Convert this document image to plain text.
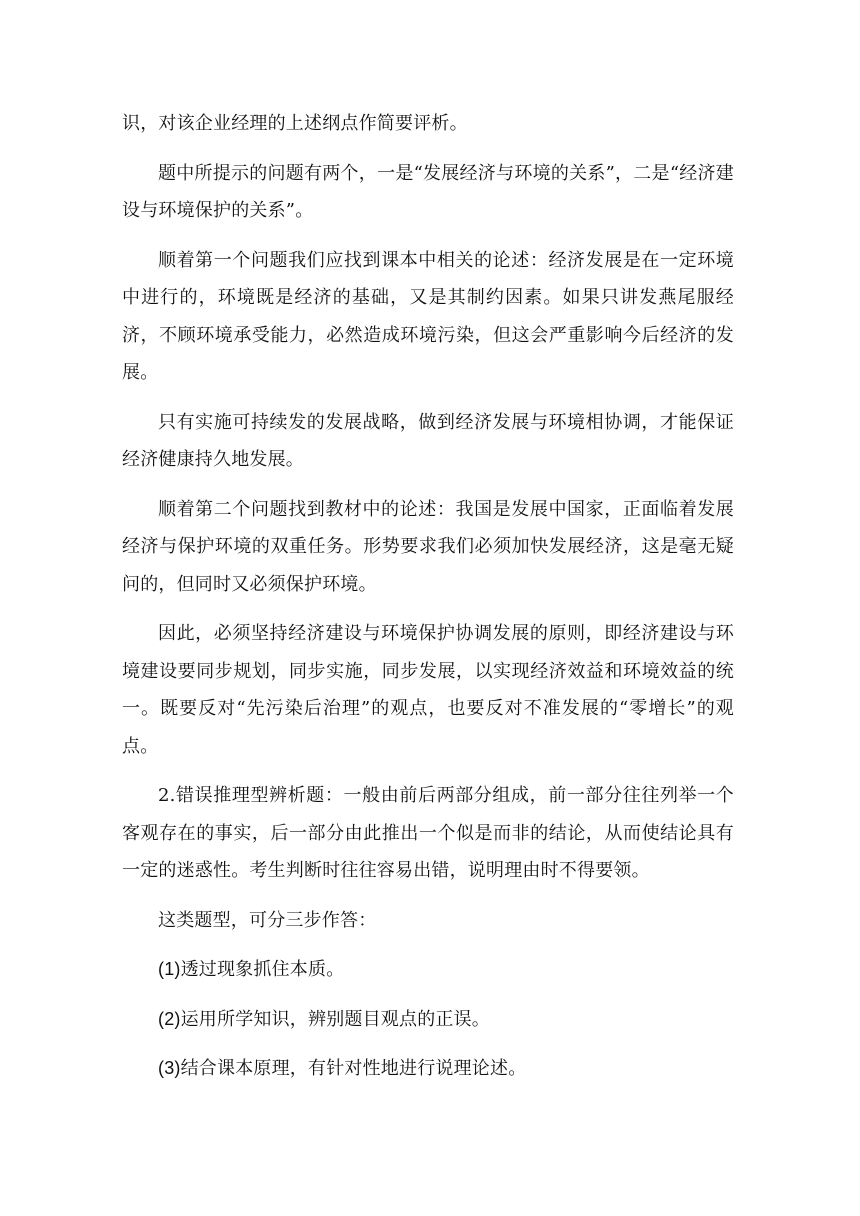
识，对该企业经理的上述纲点作简要评析。

题中所提示的问题有两个，一是“发展经济与环境的关系”，二是“经济建设与环境保护的关系”。

顺着第一个问题我们应找到课本中相关的论述：经济发展是在一定环境中进行的，环境既是经济的基础，又是其制约因素。如果只讲发燕尾服经济，不顾环境承受能力，必然造成环境污染，但这会严重影响今后经济的发展。

只有实施可持续发的发展战略，做到经济发展与环境相协调，才能保证经济健康持久地发展。

顺着第二个问题找到教材中的论述：我国是发展中国家，正面临着发展经济与保护环境的双重任务。形势要求我们必须加快发展经济，这是毫无疑问的，但同时又必须保护环境。

因此，必须坚持经济建设与环境保护协调发展的原则，即经济建设与环境建设要同步规划，同步实施，同步发展，以实现经济效益和环境效益的统一。既要反对“先污染后治理”的观点，也要反对不准发展的“零增长”的观点。

2.错误推理型辨析题：一般由前后两部分组成，前一部分往往列举一个客观存在的事实，后一部分由此推出一个似是而非的结论，从而使结论具有一定的迷惑性。考生判断时往往容易出错，说明理由时不得要领。

这类题型，可分三步作答：

(1)透过现象抓住本质。

(2)运用所学知识，辨别题目观点的正误。

(3)结合课本原理，有针对性地进行说理论述。
